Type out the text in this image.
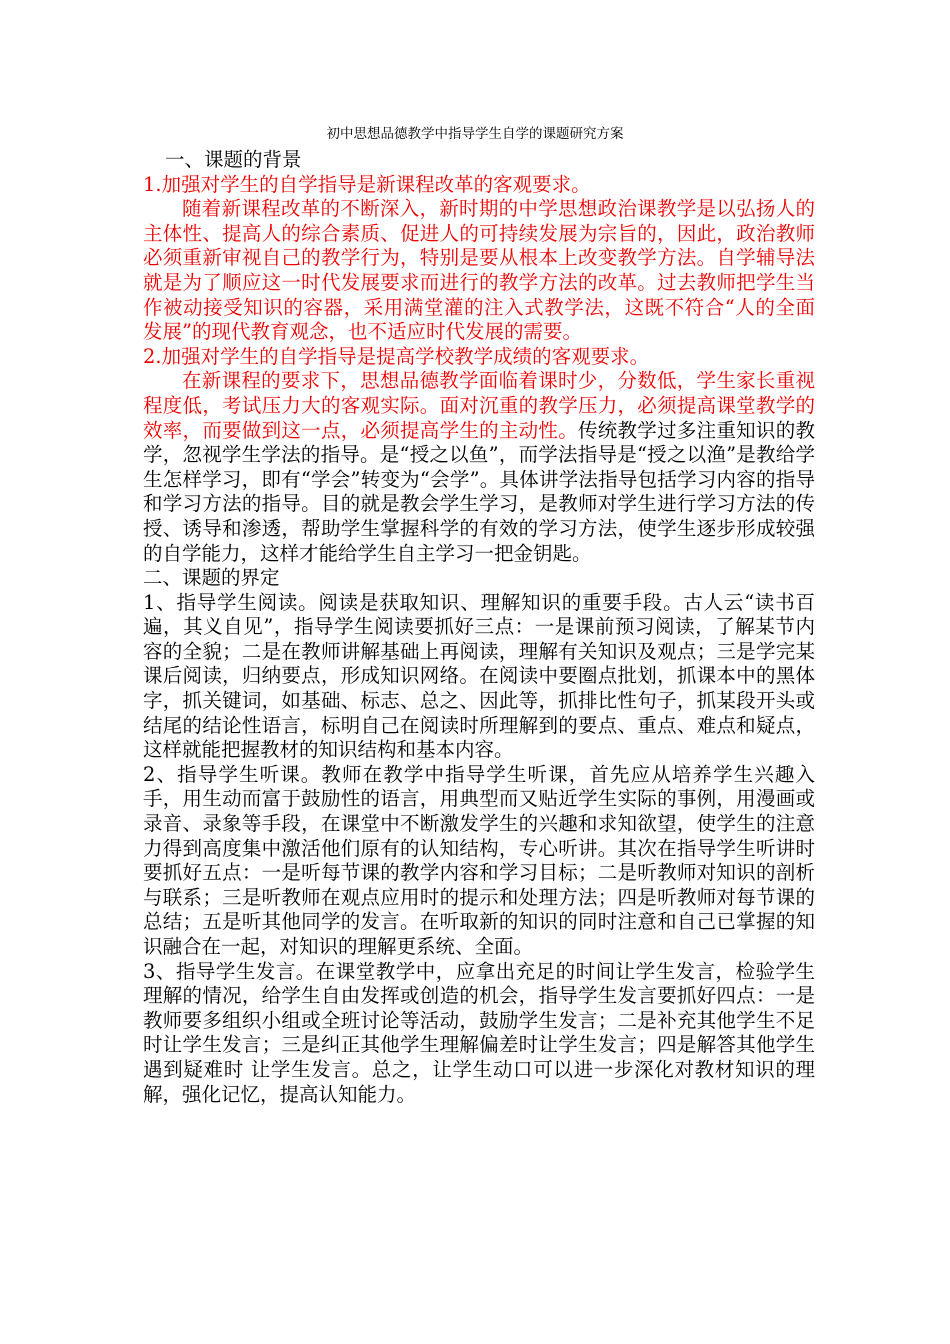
初中思想品德教学中指导学生自学的课题研究方案

一、课题的背景

1.加强对学生的自学指导是新课程改革的客观要求。

随着新课程改革的不断深入，新时期的中学思想政治课教学是以弘扬人的主体性、提高人的综合素质、促进人的可持续发展为宗旨的，因此，政治教师必须重新审视自己的教学行为，特别是要从根本上改变教学方法。自学辅导法就是为了顺应这一时代发展要求而进行的教学方法的改革。过去教师把学生当作被动接受知识的容器，采用满堂灌的注入式教学法，这既不符合“人的全面发展”的现代教育观念，也不适应时代发展的需要。

2.加强对学生的自学指导是提高学校教学成绩的客观要求。

在新课程的要求下，思想品德教学面临着课时少，分数低，学生家长重视程度低，考试压力大的客观实际。面对沉重的教学压力，必须提高课堂教学的效率，而要做到这一点，必须提高学生的主动性。传统教学过多注重知识的教学，忽视学生学法的指导。是“授之以鱼”，而学法指导是“授之以渔”是教给学生怎样学习，即有“学会”转变为“会学”。具体讲学法指导包括学习内容的指导和学习方法的指导。目的就是教会学生学习，是教师对学生进行学习方法的传授、诱导和渗透，帮助学生掌握科学的有效的学习方法，使学生逐步形成较强的自学能力，这样才能给学生自主学习一把金钥匙。

二、课题的界定

1、指导学生阅读。阅读是获取知识、理解知识的重要手段。古人云“读书百遍，其义自见”，指导学生阅读要抓好三点：一是课前预习阅读，了解某节内容的全貌；二是在教师讲解基础上再阅读，理解有关知识及观点；三是学完某课后阅读，归纳要点，形成知识网络。在阅读中要圈点批划，抓课本中的黑体字，抓关键词，如基础、标志、总之、因此等，抓排比性句子，抓某段开头或结尾的结论性语言，标明自己在阅读时所理解到的要点、重点、难点和疑点，这样就能把握教材的知识结构和基本内容。

2、指导学生听课。教师在教学中指导学生听课，首先应从培养学生兴趣入手，用生动而富于鼓励性的语言，用典型而又贴近学生实际的事例，用漫画或录音、录象等手段，在课堂中不断激发学生的兴趣和求知欲望，使学生的注意力得到高度集中激活他们原有的认知结构，专心听讲。其次在指导学生听讲时要抓好五点：一是听每节课的教学内容和学习目标；二是听教师对知识的剖析与联系；三是听教师在观点应用时的提示和处理方法；四是听教师对每节课的总结；五是听其他同学的发言。在听取新的知识的同时注意和自己已掌握的知识融合在一起，对知识的理解更系统、全面。

3、指导学生发言。在课堂教学中，应拿出充足的时间让学生发言，检验学生理解的情况，给学生自由发挥或创造的机会，指导学生发言要抓好四点：一是教师要多组织小组或全班讨论等活动，鼓励学生发言；二是补充其他学生不足时让学生发言；三是纠正其他学生理解偏差时让学生发言；四是解答其他学生遇到疑难时 让学生发言。总之，让学生动口可以进一步深化对教材知识的理解，强化记忆，提高认知能力。
